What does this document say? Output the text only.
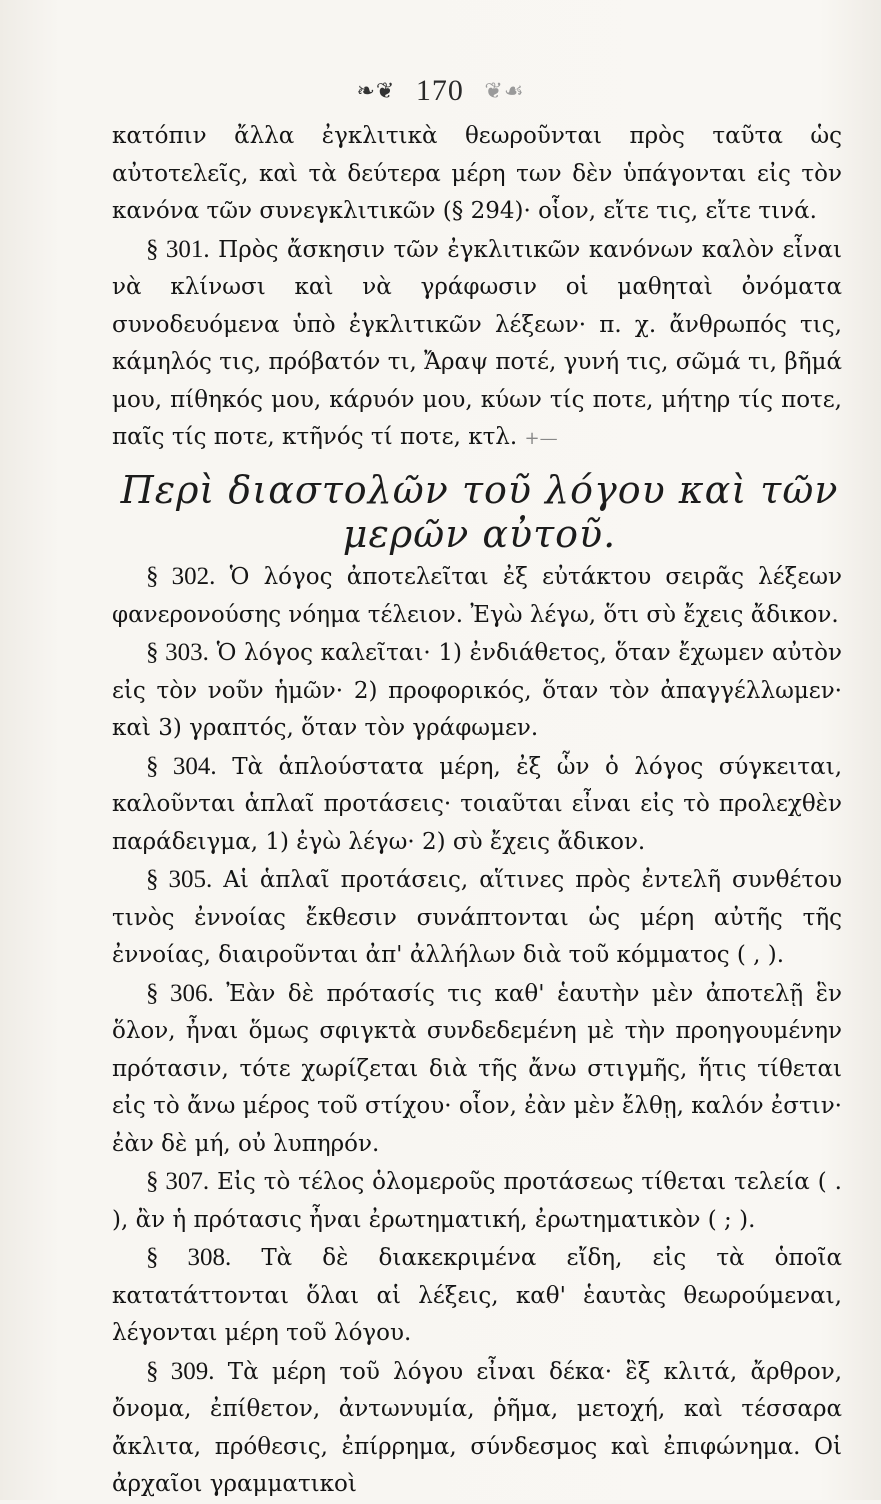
❧❦ 170 ❦☙

κατόπιν ἄλλα ἐγκλιτικὰ θεωροῦνται πρὸς ταῦτα ὡς αὐτοτελεῖς, καὶ τὰ δεύτερα μέρη των δὲν ὑπάγονται εἰς τὸν κανόνα τῶν συνεγκλιτικῶν (§ 294)· οἷον, εἴτε τις, εἴτε τινά.

§ 301. Πρὸς ἄσκησιν τῶν ἐγκλιτικῶν κανόνων καλὸν εἶναι νὰ κλίνωσι καὶ νὰ γράφωσιν οἱ μαθηταὶ ὀνόματα συνοδευόμενα ὑπὸ ἐγκλιτικῶν λέξεων· π. χ. ἄνθρωπός τις, κάμηλός τις, πρόβατόν τι, Ἄραψ ποτέ, γυνή τις, σῶμά τι, βῆμά μου, πίθηκός μου, κάρυόν μου, κύων τίς ποτε, μήτηρ τίς ποτε, παῖς τίς ποτε, κτῆνός τί ποτε, κτλ. +—

Περὶ διαστολῶν τοῦ λόγου καὶ τῶν μερῶν αὐτοῦ.

§ 302. Ὁ λόγος ἀποτελεῖται ἐξ εὐτάκτου σειρᾶς λέξεων φανερονούσης νόημα τέλειον. Ἐγὼ λέγω, ὅτι σὺ ἔχεις ἄδικον.

§ 303. Ὁ λόγος καλεῖται· 1) ἐνδιάθετος, ὅταν ἔχωμεν αὐτὸν εἰς τὸν νοῦν ἡμῶν· 2) προφορικός, ὅταν τὸν ἀπαγγέλλωμεν· καὶ 3) γραπτός, ὅταν τὸν γράφωμεν.

§ 304. Τὰ ἁπλούστατα μέρη, ἐξ ὧν ὁ λόγος σύγκειται, καλοῦνται ἁπλαῖ προτάσεις· τοιαῦται εἶναι εἰς τὸ προλεχθὲν παράδειγμα, 1) ἐγὼ λέγω· 2) σὺ ἔχεις ἄδικον.

§ 305. Αἱ ἁπλαῖ προτάσεις, αἵτινες πρὸς ἐντελῆ συνθέτου τινὸς ἐννοίας ἔκθεσιν συνάπτονται ὡς μέρη αὐτῆς τῆς ἐννοίας, διαιροῦνται ἀπ' ἀλλήλων διὰ τοῦ κόμματος ( , ).

§ 306. Ἐὰν δὲ πρότασίς τις καθ' ἑαυτὴν μὲν ἀποτελῇ ἓν ὅλον, ἦναι ὅμως σφιγκτὰ συνδεδεμένη μὲ τὴν προηγουμένην πρότασιν, τότε χωρίζεται διὰ τῆς ἄνω στιγμῆς, ἥτις τίθεται εἰς τὸ ἄνω μέρος τοῦ στίχου· οἷον, ἐὰν μὲν ἔλθῃ, καλόν ἐστιν· ἐὰν δὲ μή, οὐ λυπηρόν.

§ 307. Εἰς τὸ τέλος ὁλομεροῦς προτάσεως τίθεται τελεία ( . ), ἂν ἡ πρότασις ἦναι ἐρωτηματική, ἐρωτηματικὸν ( ; ).

§ 308. Τὰ δὲ διακεκριμένα εἴδη, εἰς τὰ ὁποῖα κατατάττονται ὅλαι αἱ λέξεις, καθ' ἑαυτὰς θεωρούμεναι, λέγονται μέρη τοῦ λόγου.

§ 309. Τὰ μέρη τοῦ λόγου εἶναι δέκα· ἓξ κλιτά, ἄρθρον, ὄνομα, ἐπίθετον, ἀντωνυμία, ῥῆμα, μετοχή, καὶ τέσσαρα ἄκλιτα, πρόθεσις, ἐπίρρημα, σύνδεσμος καὶ ἐπιφώνημα. Οἱ ἀρχαῖοι γραμματικοὶ
